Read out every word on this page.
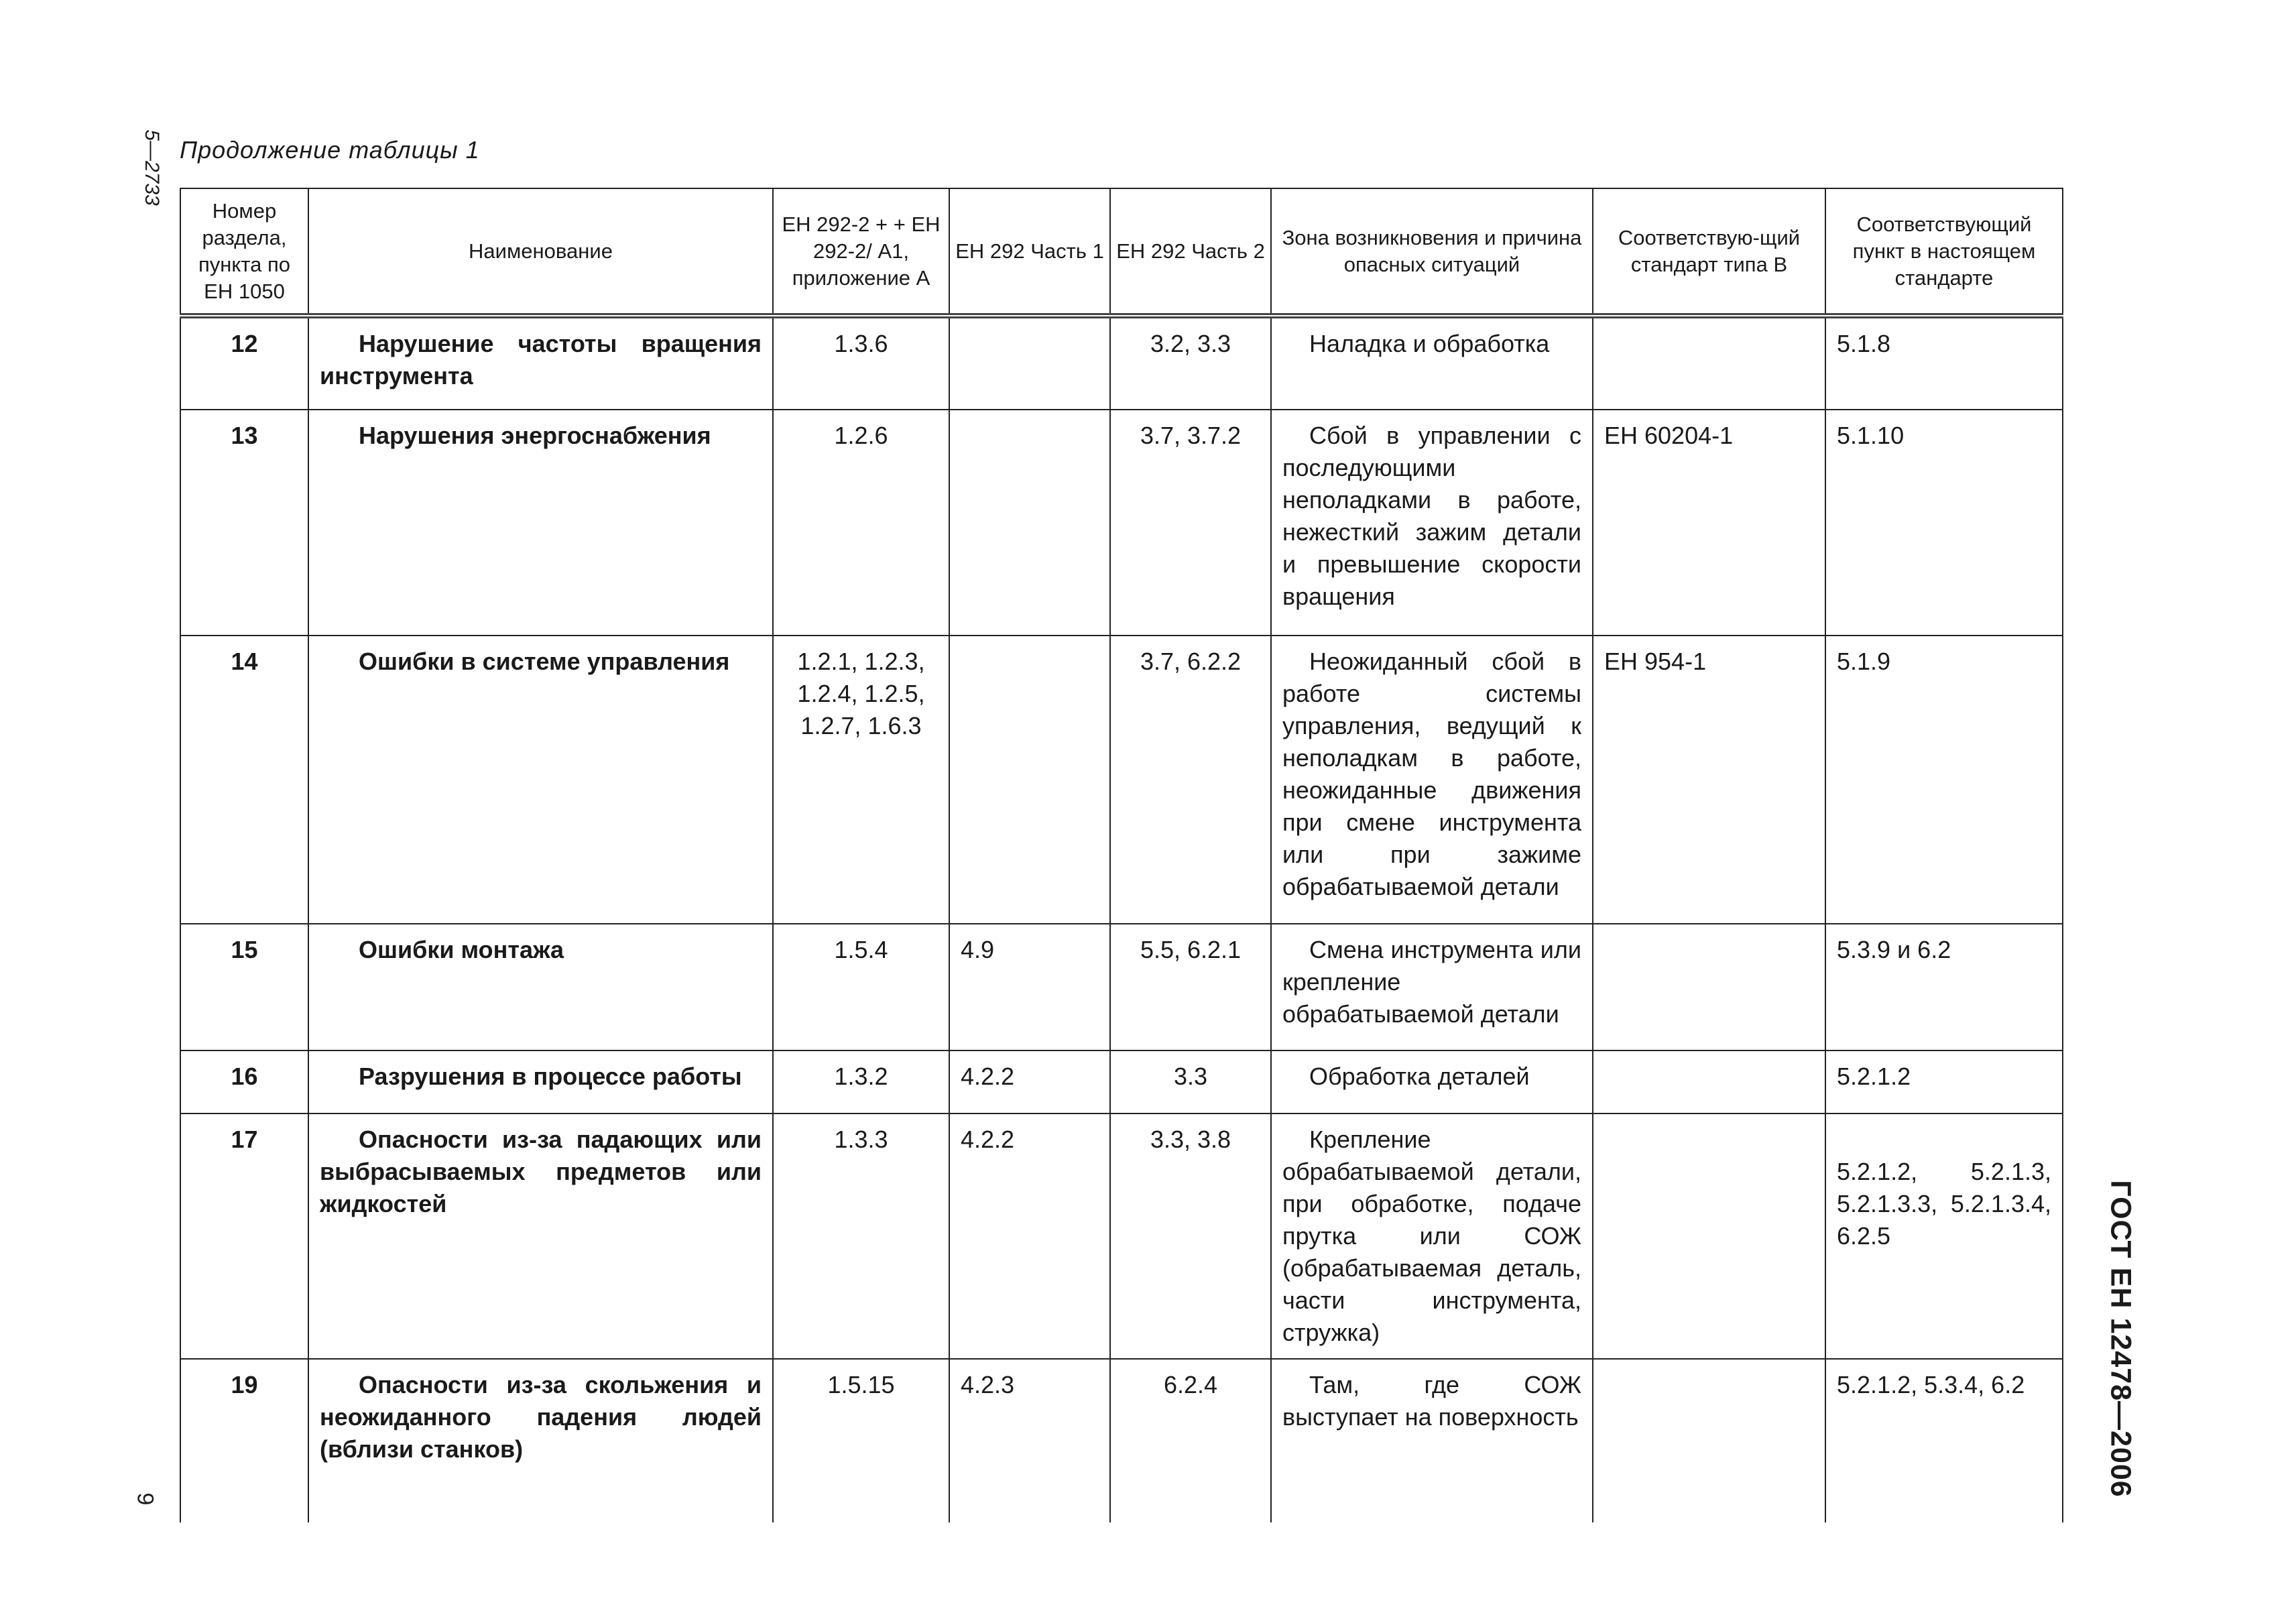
Продолжение таблицы 1
5—2733
9
ГОСТ ЕН 12478—2006
Номер раздела, пункта по ЕН 1050	Наименование	ЕН 292-2 + + ЕН 292-2/ А1, приложение А	ЕН 292 Часть 1	ЕН 292 Часть 2	Зона возникновения и причина опасных ситуаций	Соответствую-щий стандарт типа В	Соответствующий пункт в настоящем стандарте
12	Нарушение частоты вращения инструмента	1.3.6		3.2, 3.3	Наладка и обработка		5.1.8
13	Нарушения энергоснабжения	1.2.6		3.7, 3.7.2	Сбой в управлении с последующими неполадками в работе, нежесткий зажим детали и превышение скорости вращения	ЕН 60204-1	5.1.10
14	Ошибки в системе управления	1.2.1, 1.2.3, 1.2.4, 1.2.5, 1.2.7, 1.6.3		3.7, 6.2.2	Неожиданный сбой в работе системы управления, ведущий к неполадкам в работе, неожиданные движения при смене инструмента или при зажиме обрабатываемой детали	ЕН 954-1	5.1.9
15	Ошибки монтажа	1.5.4	4.9	5.5, 6.2.1	Смена инструмента или крепление обрабатываемой детали		5.3.9 и 6.2
16	Разрушения в процессе работы	1.3.2	4.2.2	3.3	Обработка деталей		5.2.1.2
17	Опасности из-за падающих или выбрасываемых предметов или жидкостей	1.3.3	4.2.2	3.3, 3.8	Крепление обрабатываемой детали, при обработке, подаче прутка или СОЖ (обрабатываемая деталь, части инструмента, стружка)		5.2.1.2, 5.2.1.3, 5.2.1.3.3, 5.2.1.3.4, 6.2.5
19	Опасности из-за скольжения и неожиданного падения людей (вблизи станков)	1.5.15	4.2.3	6.2.4	Там, где СОЖ выступает на поверхность		5.2.1.2, 5.3.4, 6.2
